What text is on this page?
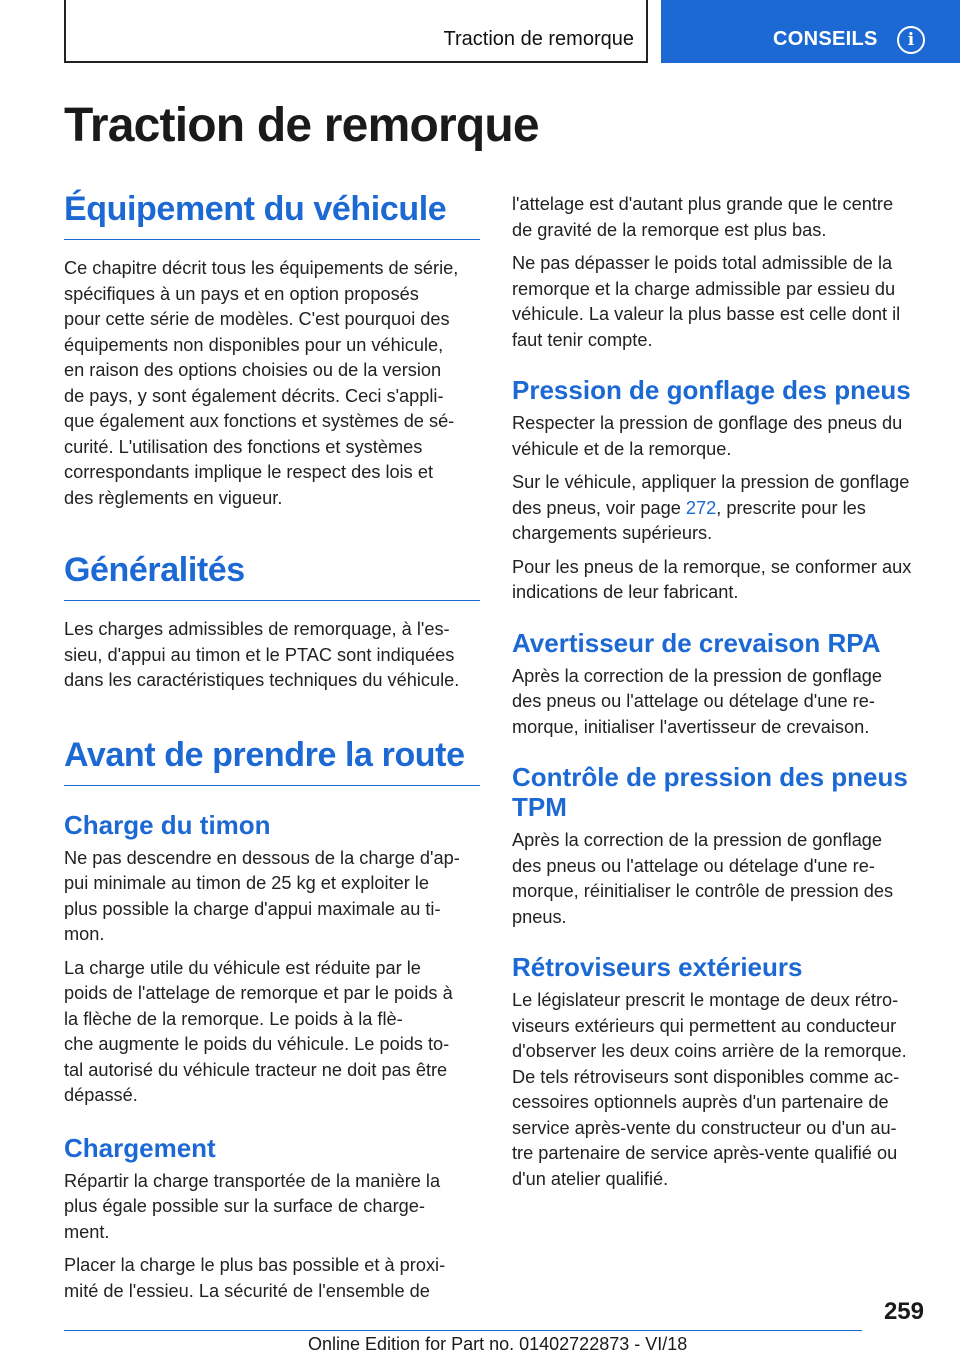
Traction de remorque	CONSEILS	i
Traction de remorque
Équipement du véhicule

Ce chapitre décrit tous les équipements de série,
spécifiques à un pays et en option proposés
pour cette série de modèles. C'est pourquoi des
équipements non disponibles pour un véhicule,
en raison des options choisies ou de la version
de pays, y sont également décrits. Ceci s'appli‐
que également aux fonctions et systèmes de sé‐
curité. L'utilisation des fonctions et systèmes
correspondants implique le respect des lois et
des règlements en vigueur.

Généralités

Les charges admissibles de remorquage, à l'es‐
sieu, d'appui au timon et le PTAC sont indiquées
dans les caractéristiques techniques du véhicule.

Avant de prendre la route
Charge du timon

Ne pas descendre en dessous de la charge d'ap‐
pui minimale au timon de 25 kg et exploiter le
plus possible la charge d'appui maximale au ti‐
mon.

La charge utile du véhicule est réduite par le
poids de l'attelage de remorque et par le poids à
la flèche de la remorque. Le poids à la flè‐
che augmente le poids du véhicule. Le poids to‐
tal autorisé du véhicule tracteur ne doit pas être
dépassé.

Chargement

Répartir la charge transportée de la manière la
plus égale possible sur la surface de charge‐
ment.

Placer la charge le plus bas possible et à proxi‐
mité de l'essieu. La sécurité de l'ensemble de

l'attelage est d'autant plus grande que le centre
de gravité de la remorque est plus bas.

Ne pas dépasser le poids total admissible de la
remorque et la charge admissible par essieu du
véhicule. La valeur la plus basse est celle dont il
faut tenir compte.

Pression de gonflage des pneus

Respecter la pression de gonflage des pneus du
véhicule et de la remorque.

Sur le véhicule, appliquer la pression de gonflage
des pneus, voir page 272, prescrite pour les
chargements supérieurs.

Pour les pneus de la remorque, se conformer aux
indications de leur fabricant.

Avertisseur de crevaison RPA

Après la correction de la pression de gonflage
des pneus ou l'attelage ou dételage d'une re‐
morque, initialiser l'avertisseur de crevaison.

Contrôle de pression des pneus
TPM

Après la correction de la pression de gonflage
des pneus ou l'attelage ou dételage d'une re‐
morque, réinitialiser le contrôle de pression des
pneus.

Rétroviseurs extérieurs

Le législateur prescrit le montage de deux rétro‐
viseurs extérieurs qui permettent au conducteur
d'observer les deux coins arrière de la remorque.
De tels rétroviseurs sont disponibles comme ac‐
cessoires optionnels auprès d'un partenaire de
service après-vente du constructeur ou d'un au‐
tre partenaire de service après-vente qualifié ou
d'un atelier qualifié.

259
Online Edition for Part no. 01402722873 - VI/18
